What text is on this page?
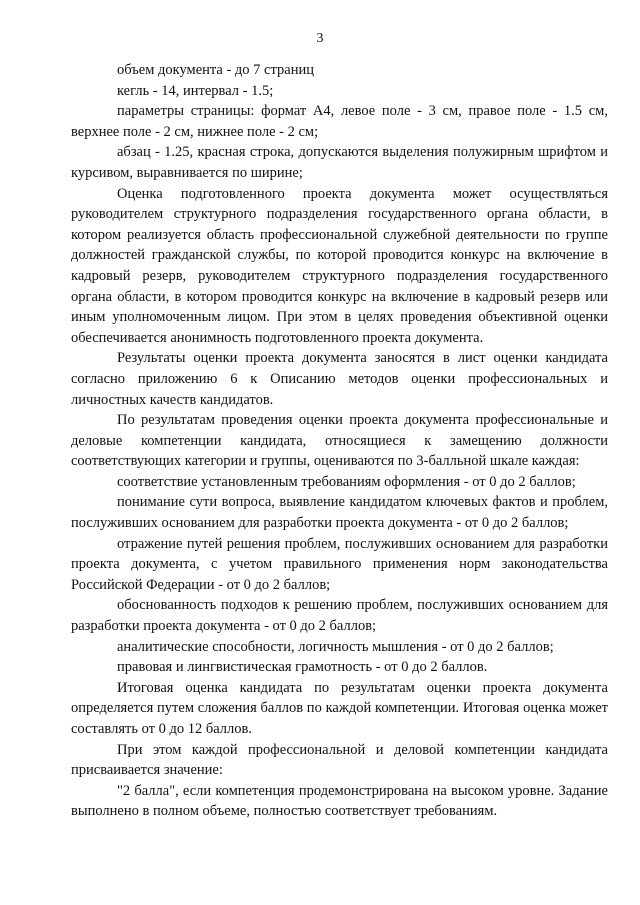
3

объем документа - до 7 страниц

кегль - 14, интервал - 1.5;

параметры страницы: формат А4, левое поле - 3 см, правое поле - 1.5 см, верхнее поле - 2 см, нижнее поле - 2 см;

абзац - 1.25, красная строка, допускаются выделения полужирным шрифтом и курсивом, выравнивается по ширине;

Оценка подготовленного проекта документа может осуществляться руководителем структурного подразделения государственного органа области, в котором реализуется область профессиональной служебной деятельности по группе должностей гражданской службы, по которой проводится конкурс на включение в кадровый резерв, руководителем структурного подразделения государственного органа области, в котором проводится конкурс на включение в кадровый резерв или иным уполномоченным лицом. При этом в целях проведения объективной оценки обеспечивается анонимность подготовленного проекта документа.

Результаты оценки проекта документа заносятся в лист оценки кандидата согласно приложению 6 к Описанию методов оценки профессиональных и личностных качеств кандидатов.

По результатам проведения оценки проекта документа профессиональные и деловые компетенции кандидата, относящиеся к замещению должности соответствующих категории и группы, оцениваются по 3-балльной шкале каждая:

соответствие установленным требованиям оформления - от 0 до 2 баллов;

понимание сути вопроса, выявление кандидатом ключевых фактов и проблем, послуживших основанием для разработки проекта документа - от 0 до 2 баллов;

отражение путей решения проблем, послуживших основанием для разработки проекта документа, с учетом правильного применения норм законодательства Российской Федерации - от 0 до 2 баллов;

обоснованность подходов к решению проблем, послуживших основанием для разработки проекта документа - от 0 до 2 баллов;

аналитические способности, логичность мышления - от 0 до 2 баллов;

правовая и лингвистическая грамотность - от 0 до 2 баллов.

Итоговая оценка кандидата по результатам оценки проекта документа определяется путем сложения баллов по каждой компетенции. Итоговая оценка может составлять от 0 до 12 баллов.

При этом каждой профессиональной и деловой компетенции кандидата присваивается значение:

"2 балла", если компетенция продемонстрирована на высоком уровне. Задание выполнено в полном объеме, полностью соответствует требованиям.
